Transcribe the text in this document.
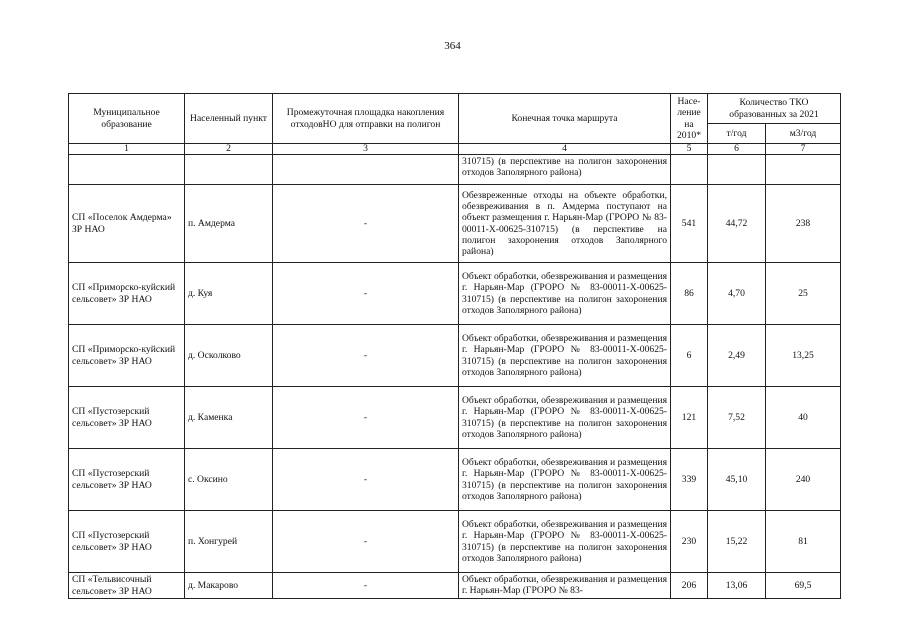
364
Муниципальное образование	Населенный пункт	Промежуточная площадка накопления отходовНО для отправки на полигон	Конечная точка маршрута	Насе-ление на 2010*	Количество ТКО образованных за 2021	
					т/год	м3/год
1	2	3	4	5	6	7
			310715) (в перспективе на полигон захоронения отходов Заполярного района)			
СП «Поселок Амдерма» ЗР НАО	п. Амдерма	-	Обезвреженные отходы на объекте обработки, обезвреживания в п. Амдерма поступают на объект размещения г. Нарьян-Мар (ГРОРО № 83-00011-Х-00625-310715) (в перспективе на полигон захоронения отходов Заполярного района)	541	44,72	238
СП «Приморско-куйский сельсовет» ЗР НАО	д. Куя	-	Объект обработки, обезвреживания и размещения г. Нарьян-Мар (ГРОРО № 83-00011-Х-00625-310715) (в перспективе на полигон захоронения отходов Заполярного района)	86	4,70	25
СП «Приморско-куйский сельсовет» ЗР НАО	д. Осколково	-	Объект обработки, обезвреживания и размещения г. Нарьян-Мар (ГРОРО № 83-00011-Х-00625-310715) (в перспективе на полигон захоронения отходов Заполярного района)	6	2,49	13,25
СП «Пустозерский сельсовет» ЗР НАО	д. Каменка	-	Объект обработки, обезвреживания и размещения г. Нарьян-Мар (ГРОРО № 83-00011-Х-00625-310715) (в перспективе на полигон захоронения отходов Заполярного района)	121	7,52	40
СП «Пустозерский сельсовет» ЗР НАО	с. Оксино	-	Объект обработки, обезвреживания и размещения г. Нарьян-Мар (ГРОРО № 83-00011-Х-00625-310715) (в перспективе на полигон захоронения отходов Заполярного района)	339	45,10	240
СП «Пустозерский сельсовет» ЗР НАО	п. Хонгурей	-	Объект обработки, обезвреживания и размещения г. Нарьян-Мар (ГРОРО № 83-00011-Х-00625-310715) (в перспективе на полигон захоронения отходов Заполярного района)	230	15,22	81
СП «Тельвисочный сельсовет» ЗР НАО	д. Макарово	-	Объект обработки, обезвреживания и размещения г. Нарьян-Мар (ГРОРО № 83-	206	13,06	69,5
